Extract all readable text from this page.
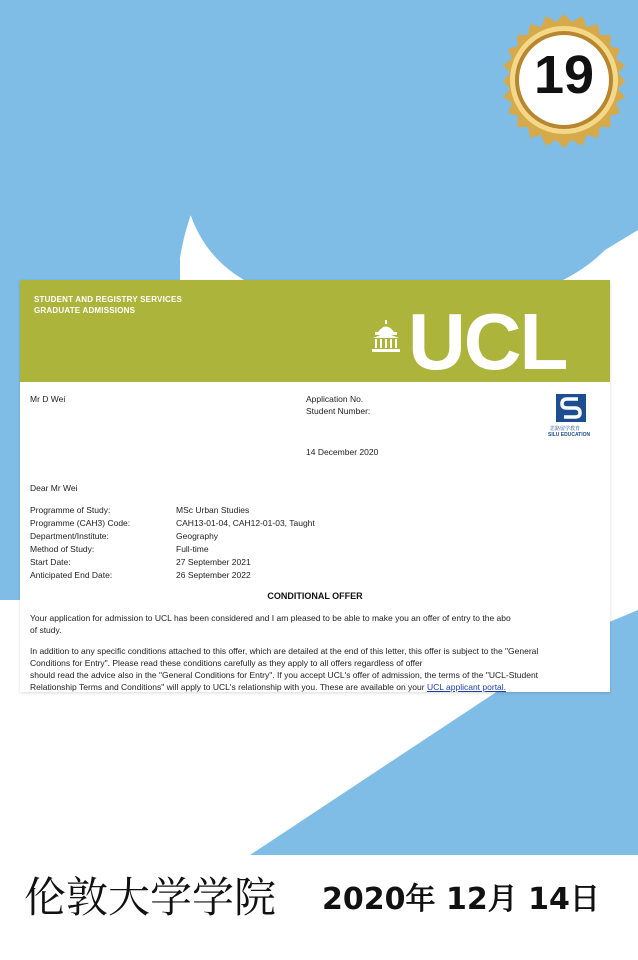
19
STUDENT AND REGISTRY SERVICES
GRADUATE ADMISSIONS	UCL
Mr D Wei	Application No.
Student Number:
思路留学教育
SILU EDUCATION
14 December 2020
Dear Mr Wei
Programme of Study:	MSc Urban Studies
Programme (CAH3) Code:	CAH13-01-04, CAH12-01-03, Taught
Department/Institute:	Geography
Method of Study:	Full-time
Start Date:	27 September 2021
Anticipated End Date:	26 September 2022
CONDITIONAL OFFER
Your application for admission to UCL has been considered and I am pleased to be able to make you an offer of entry to the abo
of study.
In addition to any specific conditions attached to this offer, which are detailed at the end of this letter, this offer is subject to the "General
Conditions for Entry". Please read these conditions carefully as they apply to all offers regardless of offer
should read the advice also in the "General Conditions for Entry". If you accept UCL's offer of admission, the terms of the "UCL-Student
Relationship Terms and Conditions" will apply to UCL's relationship with you. These are available on your UCL applicant portal.
伦敦大学学院 2020年 12月 14日
